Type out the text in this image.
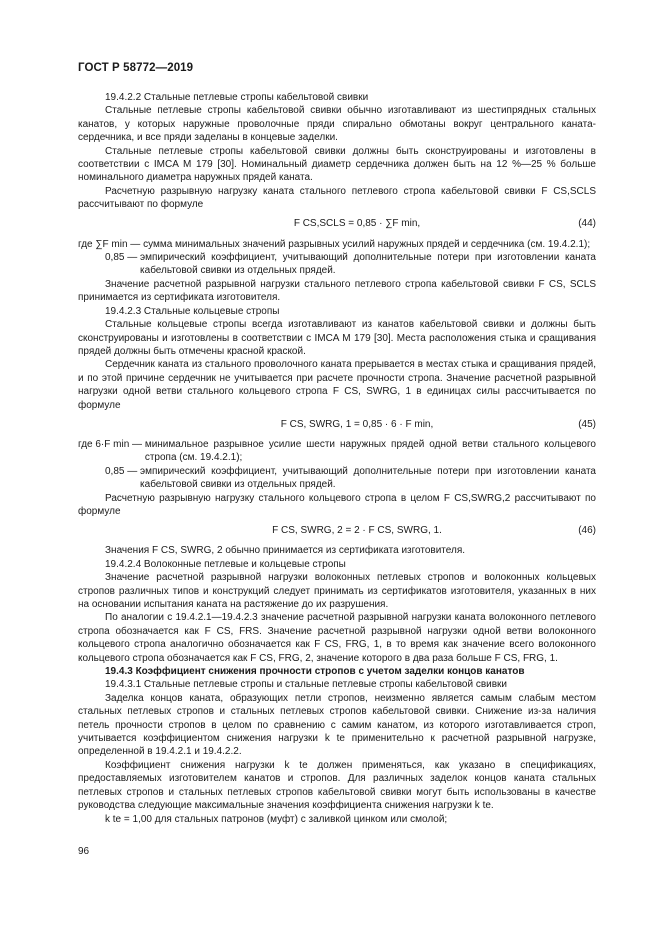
ГОСТ Р 58772—2019

19.4.2.2 Стальные петлевые стропы кабельтовой свивки

Стальные петлевые стропы кабельтовой свивки обычно изготавливают из шестипрядных стальных канатов, у которых наружные проволочные пряди спирально обмотаны вокруг центрального каната-сердечника, и все пряди заделаны в концевые заделки.

Стальные петлевые стропы кабельтовой свивки должны быть сконструированы и изготовлены в соответствии с IMCA M 179 [30]. Номинальный диаметр сердечника должен быть на 12 %—25 % больше номинального диаметра наружных прядей каната.

Расчетную разрывную нагрузку каната стального петлевого стропа кабельтовой свивки F CS,SCLS рассчитывают по формуле

F CS,SCLS = 0,85 · ∑F min,	(44)
где ∑F min —
сумма минимальных значений разрывных усилий наружных прядей и сердечника (см. 19.4.2.1);
0,85 —
эмпирический коэффициент, учитывающий дополнительные потери при изготовлении каната кабельтовой свивки из отдельных прядей.

Значение расчетной разрывной нагрузки стального петлевого стропа кабельтовой свивки F CS, SCLS принимается из сертификата изготовителя.

19.4.2.3 Стальные кольцевые стропы

Стальные кольцевые стропы всегда изготавливают из канатов кабельтовой свивки и должны быть сконструированы и изготовлены в соответствии с IMCA M 179 [30]. Места расположения стыка и сращивания прядей должны быть отмечены красной краской.

Сердечник каната из стального проволочного каната прерывается в местах стыка и сращивания прядей, и по этой причине сердечник не учитывается при расчете прочности стропа. Значение расчетной разрывной нагрузки одной ветви стального кольцевого стропа F CS, SWRG, 1 в единицах силы рассчитывается по формуле

F CS, SWRG, 1 = 0,85 · 6 · F min,	(45)
где 6·F min —
минимальное разрывное усилие шести наружных прядей одной ветви стального кольцевого стропа (см. 19.4.2.1);
0,85 —
эмпирический коэффициент, учитывающий дополнительные потери при изготовлении каната кабельтовой свивки из отдельных прядей.

Расчетную разрывную нагрузку стального кольцевого стропа в целом F CS,SWRG,2 рассчитывают по формуле

F CS, SWRG, 2 = 2 · F CS, SWRG, 1.	(46)

Значения F CS, SWRG, 2 обычно принимается из сертификата изготовителя.

19.4.2.4 Волоконные петлевые и кольцевые стропы

Значение расчетной разрывной нагрузки волоконных петлевых стропов и волоконных кольцевых стропов различных типов и конструкций следует принимать из сертификатов изготовителя, указанных в них на основании испытания каната на растяжение до их разрушения.

По аналогии с 19.4.2.1—19.4.2.3 значение расчетной разрывной нагрузки каната волоконного петлевого стропа обозначается как F CS, FRS. Значение расчетной разрывной нагрузки одной ветви волоконного кольцевого стропа аналогично обозначается как F CS, FRG, 1, в то время как значение всего волоконного кольцевого стропа обозначается как F CS, FRG, 2, значение которого в два раза больше F CS, FRG, 1.

19.4.3 Коэффициент снижения прочности стропов с учетом заделки концов канатов

19.4.3.1 Стальные петлевые стропы и стальные петлевые стропы кабельтовой свивки

Заделка концов каната, образующих петли стропов, неизменно является самым слабым местом стальных петлевых стропов и стальных петлевых стропов кабельтовой свивки. Снижение из-за наличия петель прочности стропов в целом по сравнению с самим канатом, из которого изготавливается строп, учитывается коэффициентом снижения нагрузки k te применительно к расчетной разрывной нагрузке, определенной в 19.4.2.1 и 19.4.2.2.

Коэффициент снижения нагрузки k te должен применяться, как указано в спецификациях, предоставляемых изготовителем канатов и стропов. Для различных заделок концов каната стальных петлевых стропов и стальных петлевых стропов кабельтовой свивки могут быть использованы в качестве руководства следующие максимальные значения коэффициента снижения нагрузки k te.

k te = 1,00 для стальных патронов (муфт) с заливкой цинком или смолой;

96
